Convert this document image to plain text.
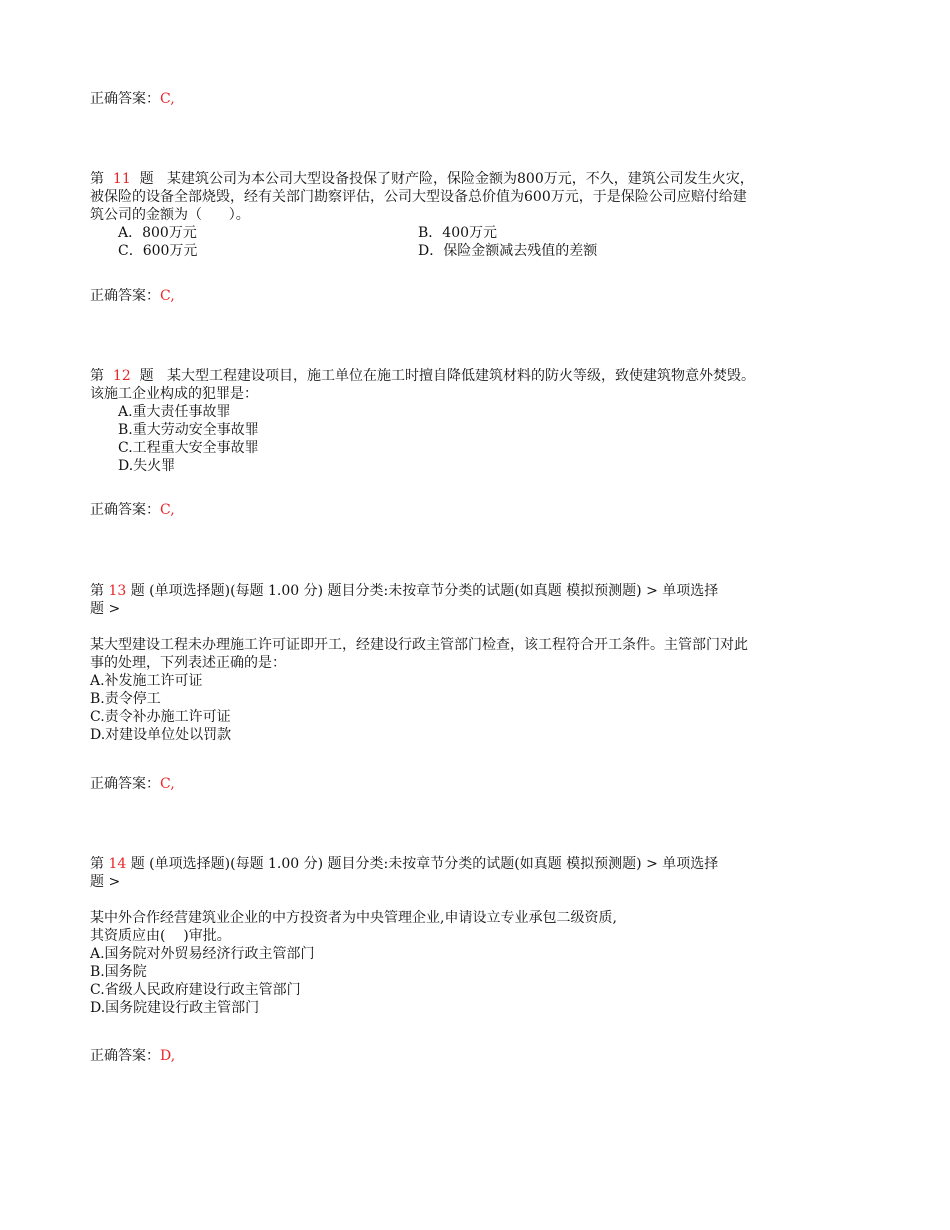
正确答案：C,
第 11 题 某建筑公司为本公司大型设备投保了财产险，保险金额为800万元，不久，建筑公司发生火灾，
被保险的设备全部烧毁，经有关部门勘察评估，公司大型设备总价值为600万元，于是保险公司应赔付给建
筑公司的金额为（      ）。
A．800万元	B．400万元
C．600万元	D．保险金额减去残值的差额
正确答案：C,
第 12 题 某大型工程建设项目，施工单位在施工时擅自降低建筑材料的防火等级，致使建筑物意外焚毁。
该施工企业构成的犯罪是：
A.重大责任事故罪
B.重大劳动安全事故罪
C.工程重大安全事故罪
D.失火罪
正确答案：C,
第 13 题 (单项选择题)(每题 1.00 分) 题目分类:未按章节分类的试题(如真题 模拟预测题) > 单项选择
题 >
某大型建设工程未办理施工许可证即开工，经建设行政主管部门检查，该工程符合开工条件。主管部门对此
事的处理，下列表述正确的是：
A.补发施工许可证
B.责令停工
C.责令补办施工许可证
D.对建设单位处以罚款
正确答案：C,
第 14 题 (单项选择题)(每题 1.00 分) 题目分类:未按章节分类的试题(如真题 模拟预测题) > 单项选择
题 >
某中外合作经营建筑业企业的中方投资者为中央管理企业,申请设立专业承包二级资质,
其资质应由(    )审批。
A.国务院对外贸易经济行政主管部门
B.国务院
C.省级人民政府建设行政主管部门
D.国务院建设行政主管部门
正确答案：D,
